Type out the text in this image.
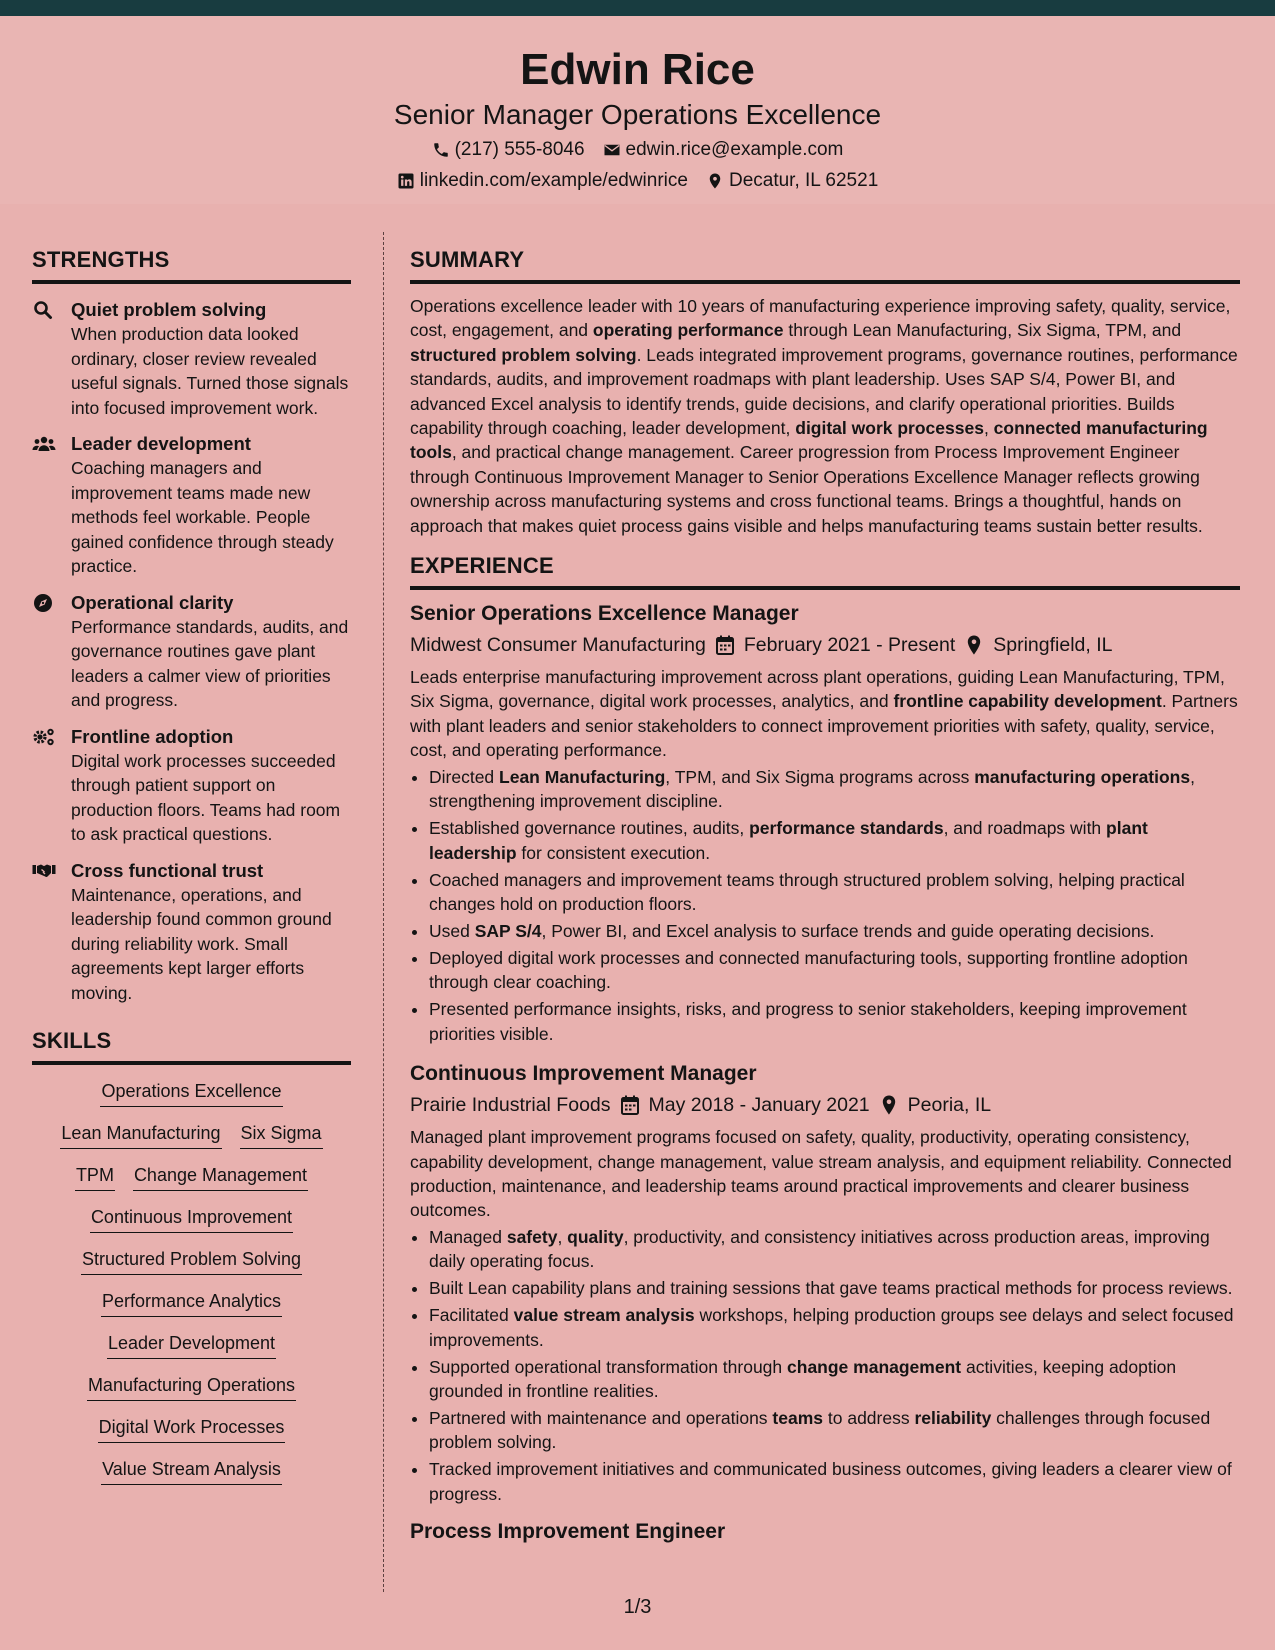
Edwin Rice
Senior Manager Operations Excellence
(217) 555-8046 edwin.rice@example.com
linkedin.com/example/edwinrice Decatur, IL 62521
STRENGTHS
Quiet problem solving
When production data looked ordinary, closer review revealed useful signals. Turned those signals into focused improvement work.
Leader development
Coaching managers and improvement teams made new methods feel workable. People gained confidence through steady practice.
Operational clarity
Performance standards, audits, and governance routines gave plant leaders a calmer view of priorities and progress.
Frontline adoption
Digital work processes succeeded through patient support on production floors. Teams had room to ask practical questions.
Cross functional trust
Maintenance, operations, and leadership found common ground during reliability work. Small agreements kept larger efforts moving.
SKILLS
Operations Excellence
Lean Manufacturing Six Sigma
TPM Change Management
Continuous Improvement
Structured Problem Solving
Performance Analytics
Leader Development
Manufacturing Operations
Digital Work Processes
Value Stream Analysis
SUMMARY
Operations excellence leader with 10 years of manufacturing experience improving safety, quality, service, cost, engagement, and operating performance through Lean Manufacturing, Six Sigma, TPM, and structured problem solving. Leads integrated improvement programs, governance routines, performance standards, audits, and improvement roadmaps with plant leadership. Uses SAP S/4, Power BI, and advanced Excel analysis to identify trends, guide decisions, and clarify operational priorities. Builds capability through coaching, leader development, digital work processes, connected manufacturing tools, and practical change management. Career progression from Process Improvement Engineer through Continuous Improvement Manager to Senior Operations Excellence Manager reflects growing ownership across manufacturing systems and cross functional teams. Brings a thoughtful, hands on approach that makes quiet process gains visible and helps manufacturing teams sustain better results.
EXPERIENCE
Senior Operations Excellence Manager
Midwest Consumer Manufacturing February 2021 - Present Springfield, IL
Leads enterprise manufacturing improvement across plant operations, guiding Lean Manufacturing, TPM, Six Sigma, governance, digital work processes, analytics, and frontline capability development. Partners with plant leaders and senior stakeholders to connect improvement priorities with safety, quality, service, cost, and operating performance.
• Directed Lean Manufacturing, TPM, and Six Sigma programs across manufacturing operations, strengthening improvement discipline.
• Established governance routines, audits, performance standards, and roadmaps with plant leadership for consistent execution.
• Coached managers and improvement teams through structured problem solving, helping practical changes hold on production floors.
• Used SAP S/4, Power BI, and Excel analysis to surface trends and guide operating decisions.
• Deployed digital work processes and connected manufacturing tools, supporting frontline adoption through clear coaching.
• Presented performance insights, risks, and progress to senior stakeholders, keeping improvement priorities visible.
Continuous Improvement Manager
Prairie Industrial Foods May 2018 - January 2021 Peoria, IL
Managed plant improvement programs focused on safety, quality, productivity, operating consistency, capability development, change management, value stream analysis, and equipment reliability. Connected production, maintenance, and leadership teams around practical improvements and clearer business outcomes.
• Managed safety, quality, productivity, and consistency initiatives across production areas, improving daily operating focus.
• Built Lean capability plans and training sessions that gave teams practical methods for process reviews.
• Facilitated value stream analysis workshops, helping production groups see delays and select focused improvements.
• Supported operational transformation through change management activities, keeping adoption grounded in frontline realities.
• Partnered with maintenance and operations teams to address reliability challenges through focused problem solving.
• Tracked improvement initiatives and communicated business outcomes, giving leaders a clearer view of progress.
Process Improvement Engineer
1/3
